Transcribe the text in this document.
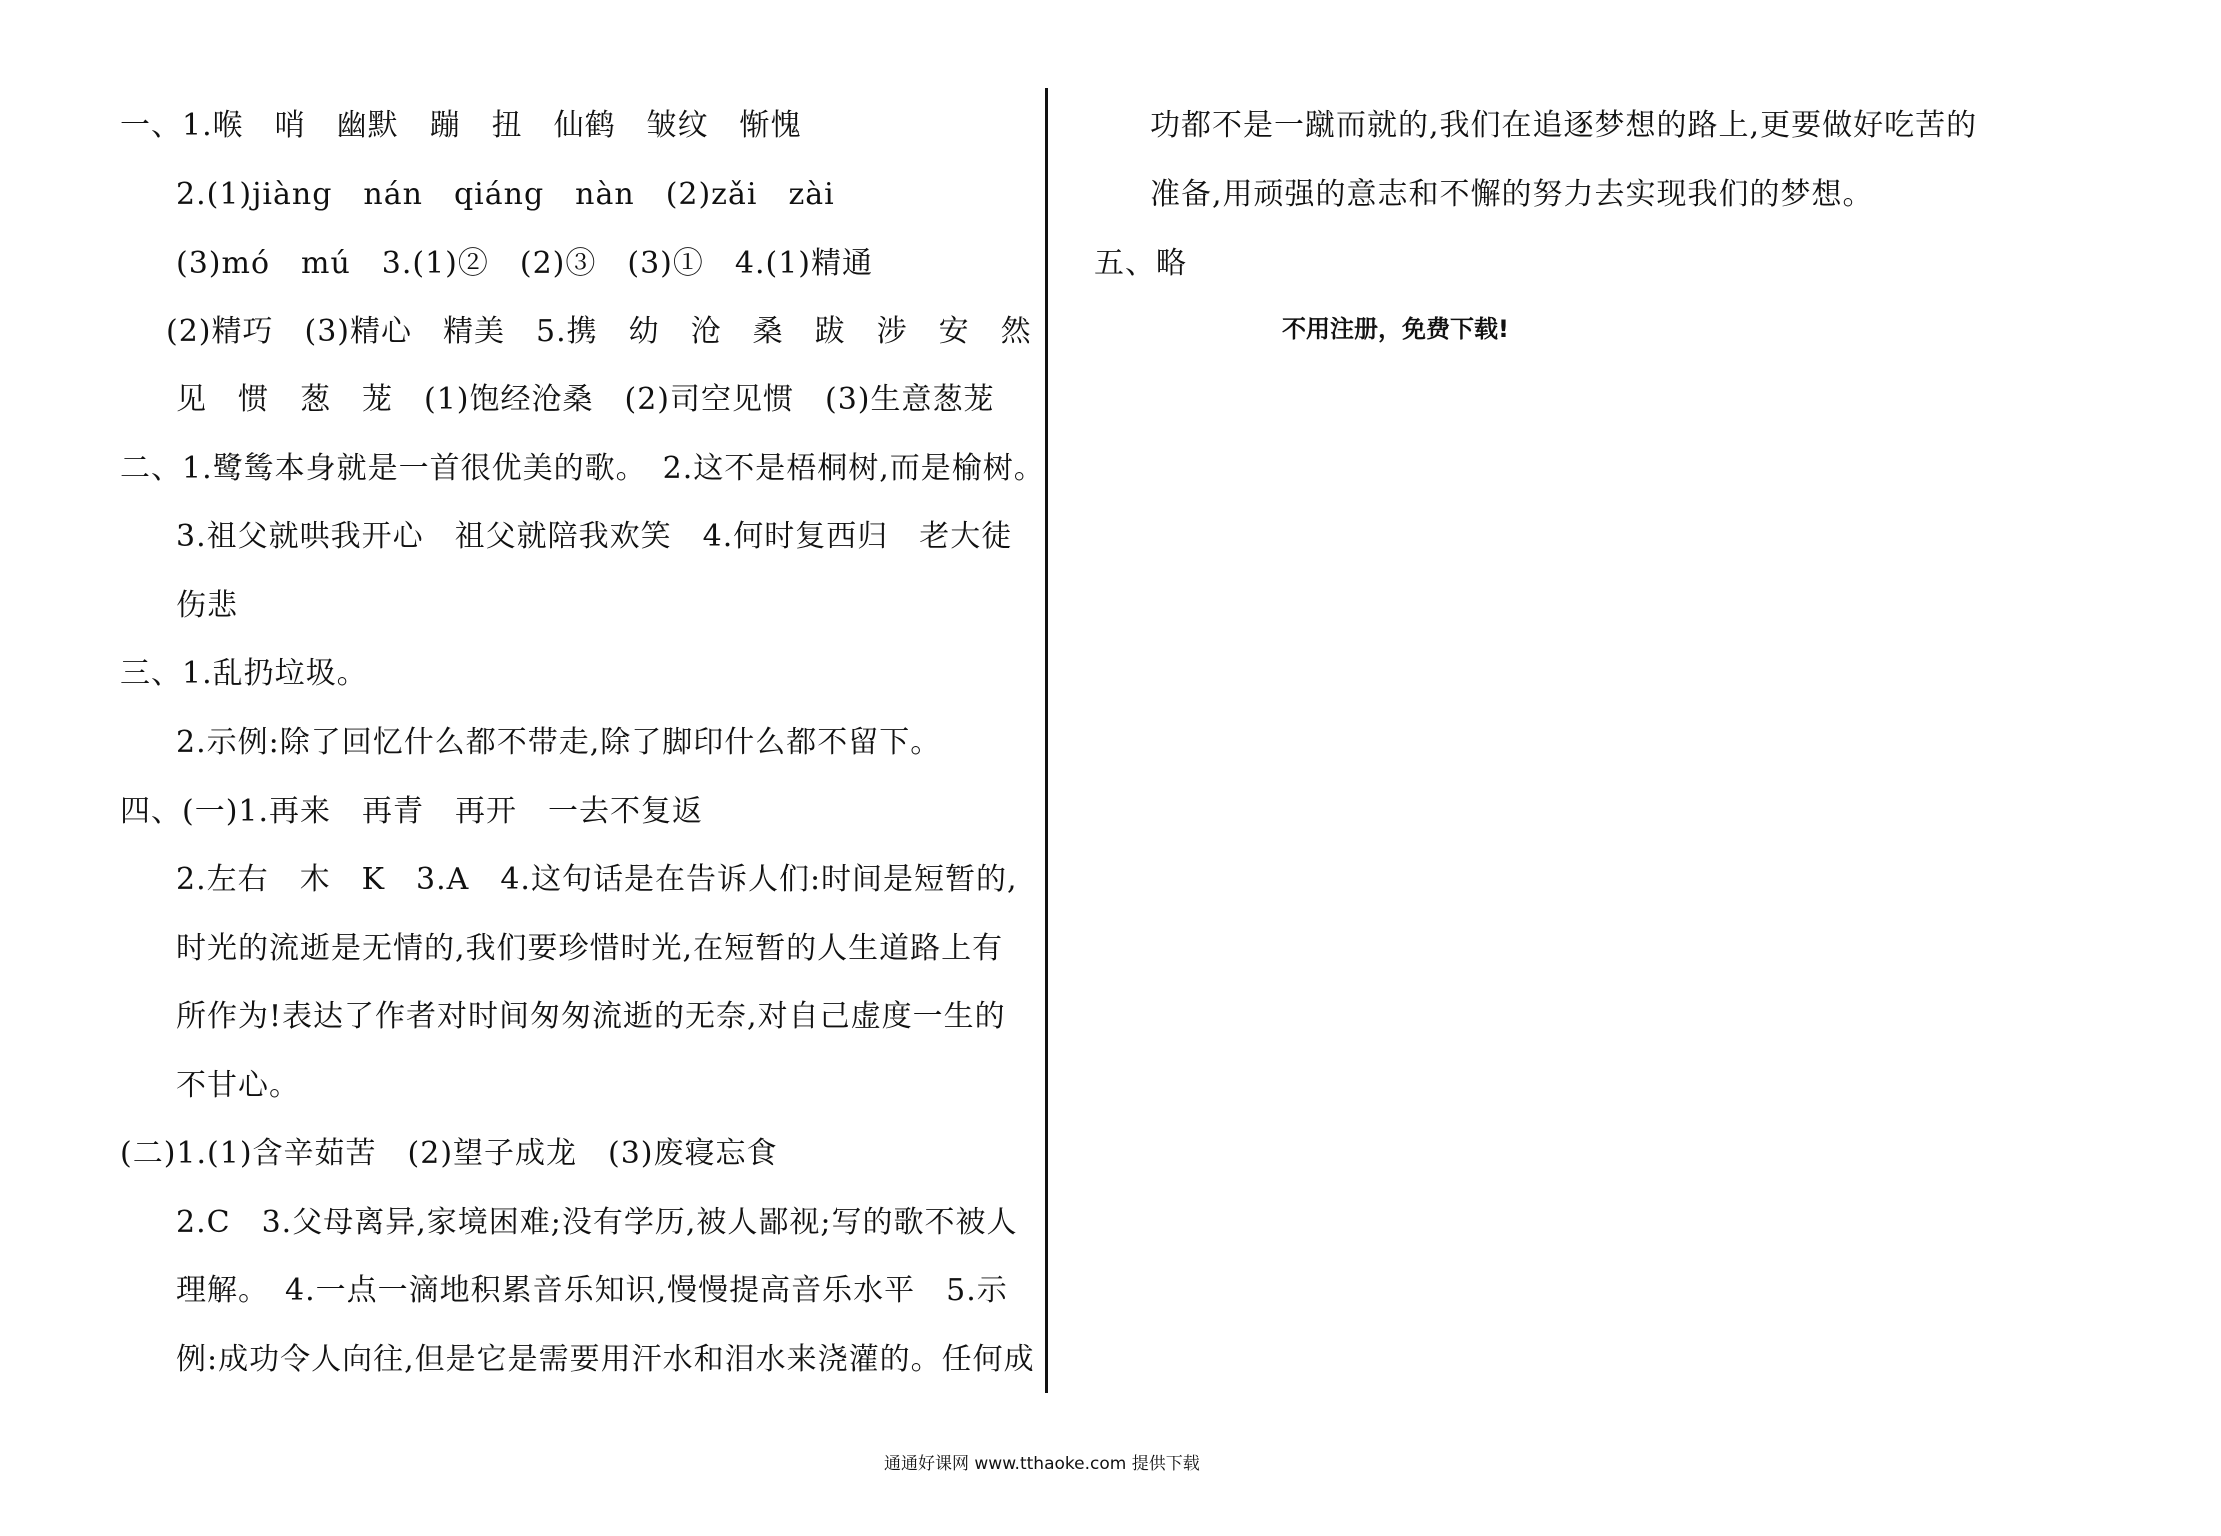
一、1.喉　哨　幽默　蹦　扭　仙鹤　皱纹　惭愧
2.(1)jiàng　nán　qiáng　nàn　(2)zǎi　zài
(3)mó　mú　3.(1)②　(2)③　(3)①　4.(1)精通
(2)精巧　(3)精心　精美　5.携　幼　沧　桑　跋　涉　安　然
见　惯　葱　茏　(1)饱经沧桑　(2)司空见惯　(3)生意葱茏
二、1.鹭鸶本身就是一首很优美的歌。　2.这不是梧桐树,而是榆树。
3.祖父就哄我开心　祖父就陪我欢笑　4.何时复西归　老大徒
伤悲
三、1.乱扔垃圾。
2.示例:除了回忆什么都不带走,除了脚印什么都不留下。
四、(一)1.再来　再青　再开　一去不复返
2.左右　木　K　3.A　4.这句话是在告诉人们:时间是短暂的,
时光的流逝是无情的,我们要珍惜时光,在短暂的人生道路上有
所作为!表达了作者对时间匆匆流逝的无奈,对自己虚度一生的
不甘心。
(二)1.(1)含辛茹苦　(2)望子成龙　(3)废寝忘食
2.C　3.父母离异,家境困难;没有学历,被人鄙视;写的歌不被人
理解。　4.一点一滴地积累音乐知识,慢慢提高音乐水平　5.示
例:成功令人向往,但是它是需要用汗水和泪水来浇灌的。任何成
功都不是一蹴而就的,我们在追逐梦想的路上,更要做好吃苦的
准备,用顽强的意志和不懈的努力去实现我们的梦想。
五、略
不用注册，免费下载!
通通好课网 www.tthaoke.com 提供下载
